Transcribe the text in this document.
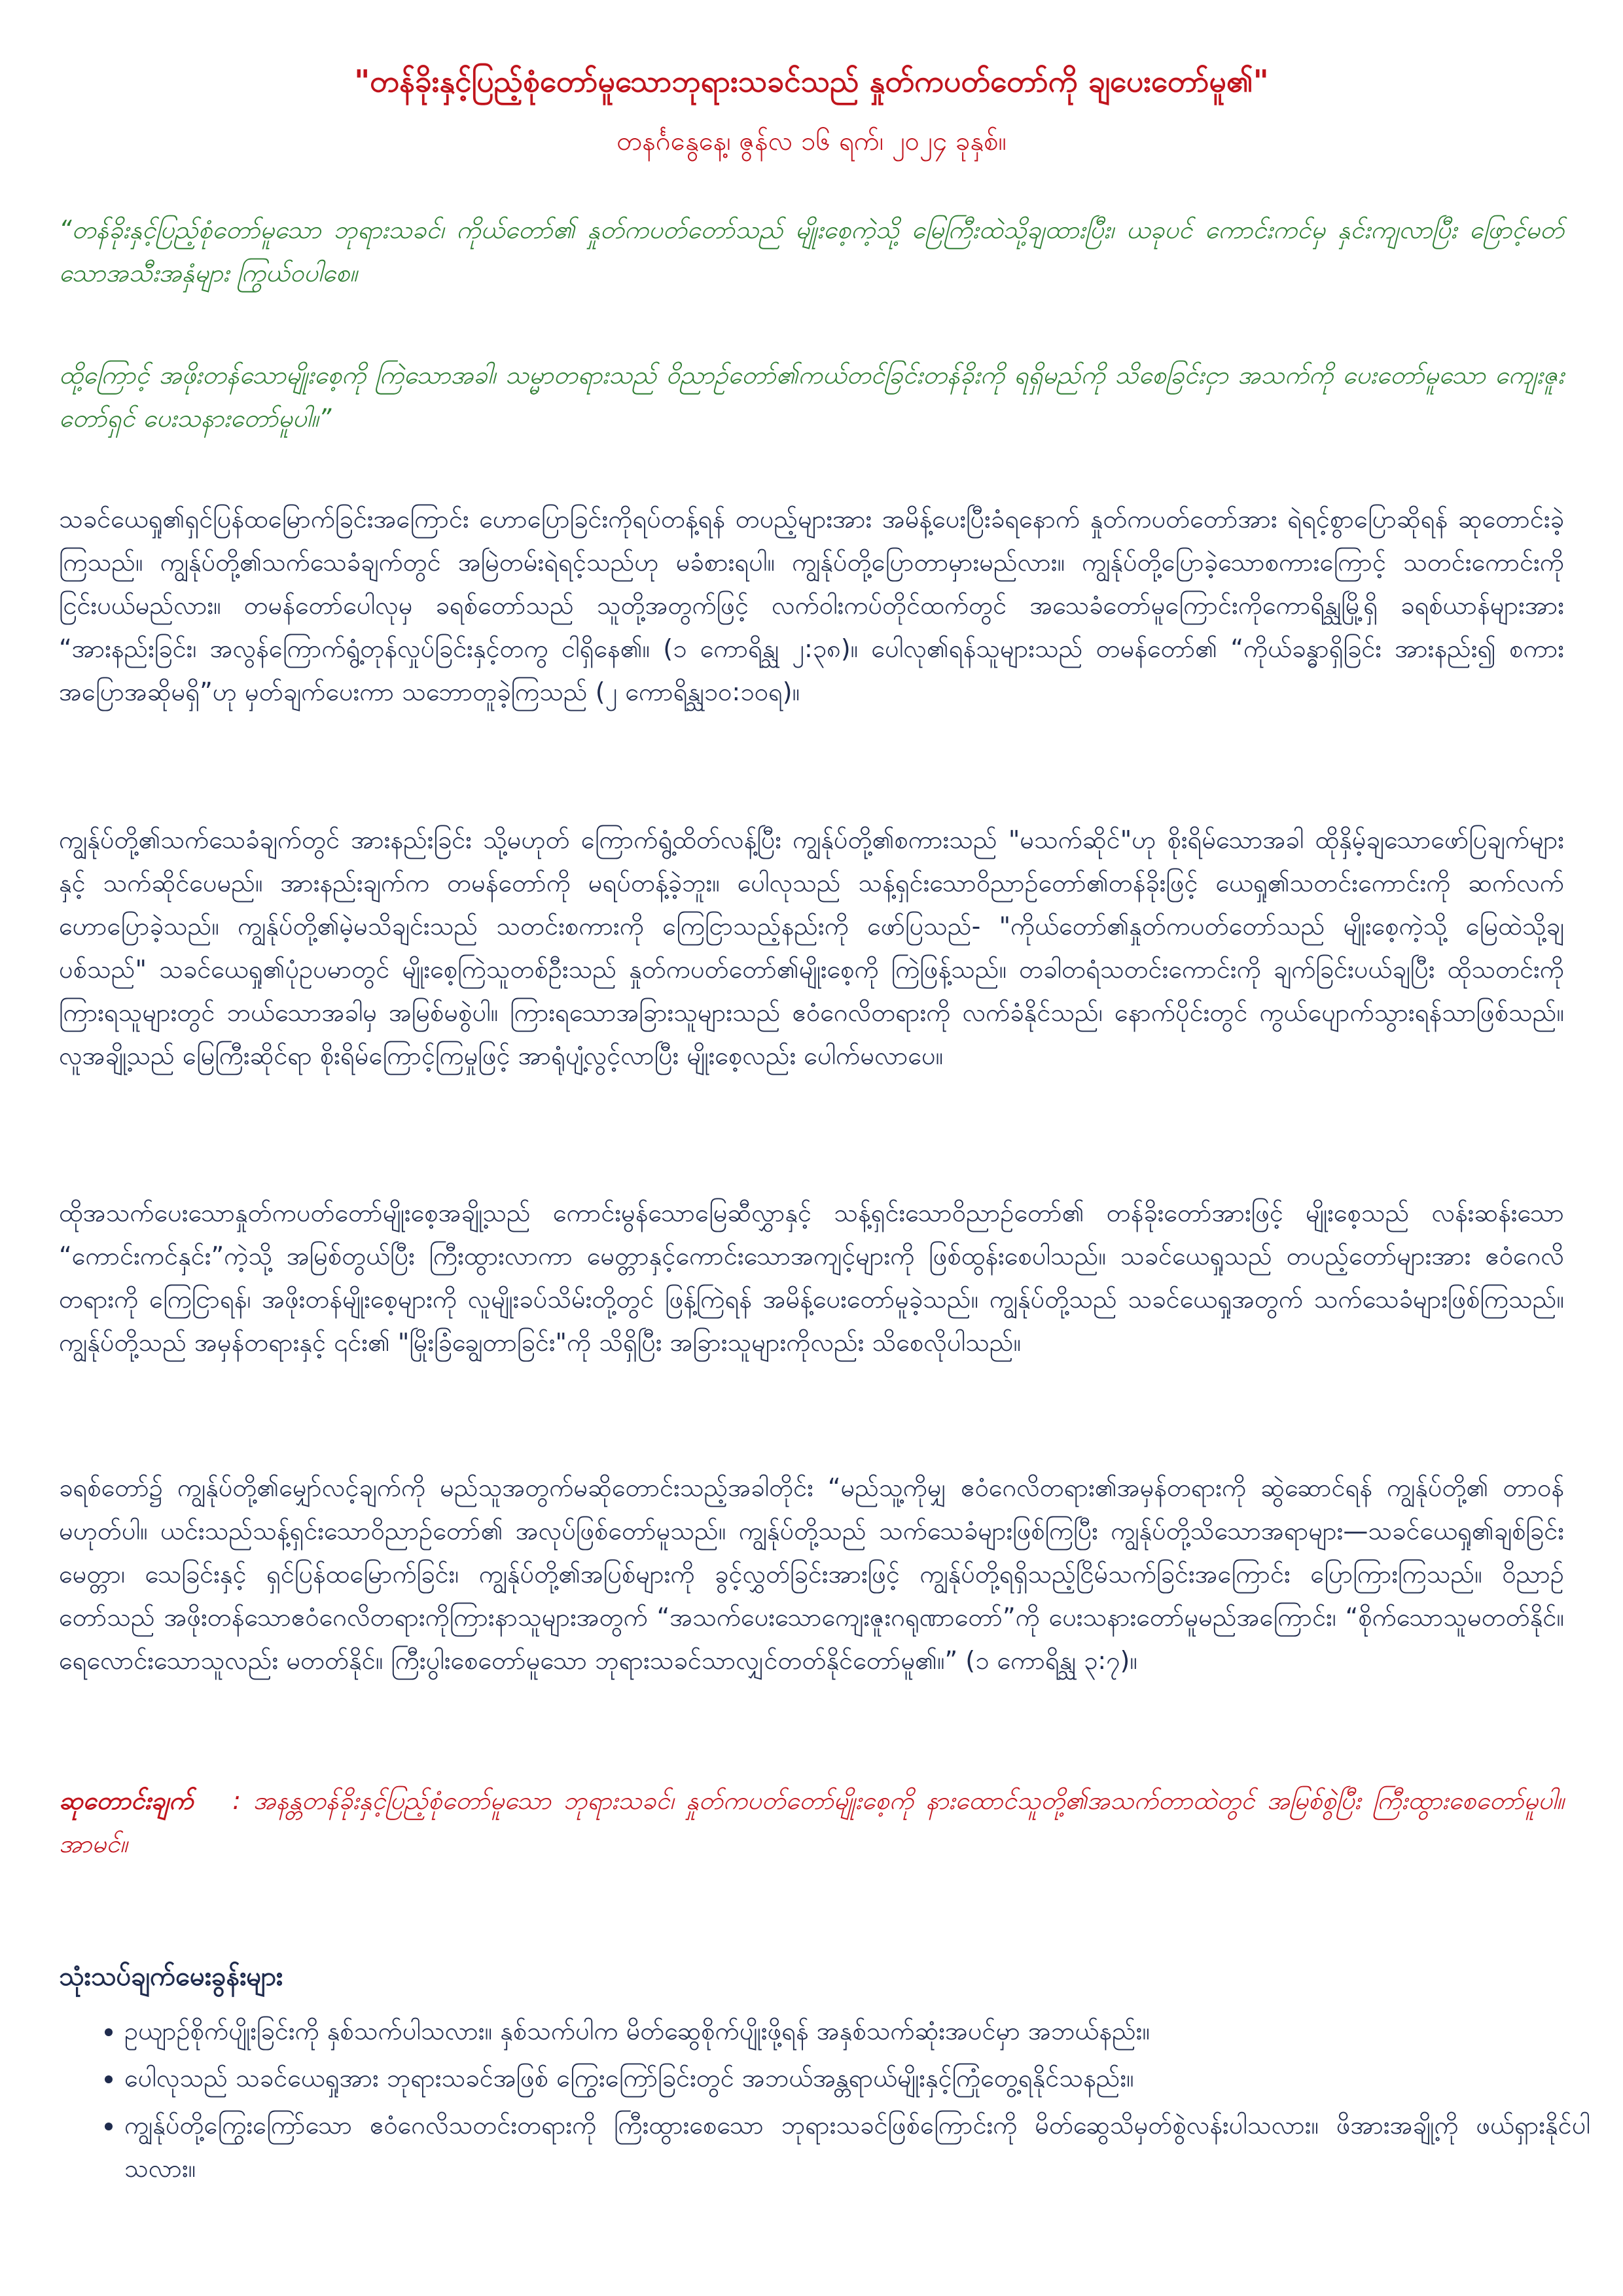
"တန်ခိုးနှင့်ပြည့်စုံတော်မူသောဘုရားသခင်သည် နှုတ်ကပတ်တော်ကို ချပေးတော်မူ၏"
တနင်္ဂနွေနေ့၊ ဇွန်လ ၁၆ ရက်၊ ၂၀၂၄ ခုနှစ်။
“တန်ခိုးနှင့်ပြည့်စုံတော်မူသော ဘုရားသခင်၊ ကိုယ်တော်၏ နှုတ်ကပတ်တော်သည် မျိုးစေ့ကဲ့သို့ မြေကြီးထဲသို့ချထားပြီး၊ ယခုပင် ကောင်းကင်မှ နှင်းကျလာပြီး ဖြောင့်မတ်သောအသီးအနှံများ ကြွယ်ဝပါစေ။
ထို့ကြောင့် အဖိုးတန်သောမျိုးစေ့ကို ကြဲသောအခါ၊ သမ္မာတရားသည် ဝိညာဉ်တော်၏ကယ်တင်ခြင်းတန်ခိုးကို ရရှိမည်ကို သိစေခြင်းငှာ အသက်ကို ပေးတော်မူသော ကျေးဇူးတော်ရှင် ပေးသနားတော်မူပါ။”
သခင်ယေရှု၏ရှင်ပြန်ထမြောက်ခြင်းအကြောင်း ဟောပြောခြင်းကိုရပ်တန့်ရန် တပည့်များအား အမိန့်ပေးပြီးခံရနောက် နှုတ်ကပတ်တော်အား ရဲရင့်စွာပြောဆိုရန် ဆုတောင်းခဲ့ကြသည်။ ကျွန်ုပ်တို့၏သက်သေခံချက်တွင် အမြဲတမ်းရဲရင့်သည်ဟု မခံစားရပါ။ ကျွန်ုပ်တို့ပြောတာမှားမည်လား။ ကျွန်ုပ်တို့ပြောခဲ့သောစကားကြောင့် သတင်းကောင်းကို ငြင်းပယ်မည်လား။ တမန်တော်ပေါလုမှ ခရစ်တော်သည် သူတို့အတွက်ဖြင့် လက်ဝါးကပ်တိုင်ထက်တွင် အသေခံတော်မူကြောင်းကိုကောရိန္သုမြို့ရှိ ခရစ်ယာန်များအား “အားနည်းခြင်း၊ အလွန်ကြောက်ရွံ့တုန်လှုပ်ခြင်းနှင့်တကွ ငါရှိနေ၏။ (၁ ကောရိန္သု ၂:၃၈)။ ပေါလု၏ရန်သူများသည် တမန်တော်၏ “ကိုယ်ခန္ဓာရှိခြင်း အားနည်း၍ စကားအပြောအဆိုမရှိ”ဟု မှတ်ချက်ပေးကာ သဘောတူခဲ့ကြသည် (၂ ကောရိန္သု၁၀:၁၀ရ)။
ကျွန်ုပ်တို့၏သက်သေခံချက်တွင် အားနည်းခြင်း သို့မဟုတ် ကြောက်ရွံ့ထိတ်လန့်ပြီး ကျွန်ုပ်တို့၏စကားသည် "မသက်ဆိုင်"ဟု စိုးရိမ်သောအခါ ထိုနှိမ့်ချသောဖော်ပြချက်များနှင့် သက်ဆိုင်ပေမည်။ အားနည်းချက်က တမန်တော်ကို မရပ်တန့်ခဲ့ဘူး။ ပေါလုသည် သန့်ရှင်းသောဝိညာဉ်တော်၏တန်ခိုးဖြင့် ယေရှု၏သတင်းကောင်းကို ဆက်လက်ဟောပြောခဲ့သည်။ ကျွန်ုပ်တို့၏မဲ့မသိချင်းသည် သတင်းစကားကို ကြေငြာသည့်နည်းကို ဖော်ပြသည်- "ကိုယ်တော်၏နှုတ်ကပတ်တော်သည် မျိုးစေ့ကဲ့သို့ မြေထဲသို့ချပစ်သည်" သခင်ယေရှု၏ပုံဥပမာတွင် မျိုးစေ့ကြဲသူတစ်ဦးသည် နှုတ်ကပတ်တော်၏မျိုးစေ့ကို ကြဲဖြန့်သည်။ တခါတရံသတင်းကောင်းကို ချက်ခြင်းပယ်ချပြီး ထိုသတင်းကိုကြားရသူများတွင် ဘယ်သောအခါမှ အမြစ်မစွဲပါ။ ကြားရသောအခြားသူများသည် ဧဝံဂေလိတရားကို လက်ခံနိုင်သည်၊ နောက်ပိုင်းတွင် ကွယ်ပျောက်သွားရန်သာဖြစ်သည်။ လူအချို့သည် မြေကြီးဆိုင်ရာ စိုးရိမ်ကြောင့်ကြမှုဖြင့် အာရုံပျံ့လွင့်လာပြီး မျိုးစေ့လည်း ပေါက်မလာပေ။
ထိုအသက်ပေးသောနှုတ်ကပတ်တော်မျိုးစေ့အချို့သည် ကောင်းမွန်သောမြေဆီလွှာနှင့် သန့်ရှင်းသောဝိညာဉ်တော်၏ တန်ခိုးတော်အားဖြင့် မျိုးစေ့သည် လန်းဆန်းသော “ကောင်းကင်နှင်း”ကဲ့သို့ အမြစ်တွယ်ပြီး ကြီးထွားလာကာ မေတ္တာနှင့်ကောင်းသောအကျင့်များကို ဖြစ်ထွန်းစေပါသည်။ သခင်ယေရှုသည် တပည့်တော်များအား ဧဝံဂေလိတရားကို ကြေငြာရန်၊ အဖိုးတန်မျိုးစေ့များကို လူမျိုးခပ်သိမ်းတို့တွင် ဖြန့်ကြဲရန် အမိန့်ပေးတော်မူခဲ့သည်။ ကျွန်ုပ်တို့သည် သခင်ယေရှုအတွက် သက်သေခံများဖြစ်ကြသည်။ ကျွန်ုပ်တို့သည် အမှန်တရားနှင့် ၎င်း၏ "မြိုးခြံချွေတာခြင်း"ကို သိရှိပြီး အခြားသူများကိုလည်း သိစေလိုပါသည်။
ခရစ်တော်၌ ကျွန်ုပ်တို့၏မျှော်လင့်ချက်ကို မည်သူအတွက်မဆိုတောင်းသည့်အခါတိုင်း “မည်သူ့ကိုမျှ ဧဝံဂေလိတရား၏အမှန်တရားကို ဆွဲဆောင်ရန် ကျွန်ုပ်တို့၏ တာဝန်မဟုတ်ပါ။ ယင်းသည်သန့်ရှင်းသောဝိညာဉ်တော်၏ အလုပ်ဖြစ်တော်မူသည်။ ကျွန်ုပ်တို့သည် သက်သေခံများဖြစ်ကြပြီး ကျွန်ုပ်တို့သိသောအရာများ—သခင်ယေရှု၏ချစ်ခြင်းမေတ္တာ၊ သေခြင်းနှင့် ရှင်ပြန်ထမြောက်ခြင်း၊ ကျွန်ုပ်တို့၏အပြစ်များကို ခွင့်လွှတ်ခြင်းအားဖြင့် ကျွန်ုပ်တို့ရရှိသည့်ငြိမ်သက်ခြင်းအကြောင်း ပြောကြားကြသည်။ ဝိညာဉ်တော်သည် အဖိုးတန်သောဧဝံဂေလိတရားကိုကြားနာသူများအတွက် “အသက်ပေးသောကျေးဇူးဂရုဏာတော်”ကို ပေးသနားတော်မူမည်အကြောင်း၊ “စိုက်သောသူမတတ်နိုင်။ ရေလောင်းသောသူလည်း မတတ်နိုင်။ ကြီးပွါးစေတော်မူသော ဘုရားသခင်သာလျှင်တတ်နိုင်တော်မူ၏။” (၁ ကောရိန္သု ၃:၇)။
ဆုတောင်းချက် : အနန္တတန်ခိုးနှင့်ပြည့်စုံတော်မူသော ဘုရားသခင်၊ နှုတ်ကပတ်တော်မျိုးစေ့ကို နားထောင်သူတို့၏အသက်တာထဲတွင် အမြစ်စွဲပြီး ကြီးထွားစေတော်မူပါ။ အာမင်။
သုံးသပ်ချက်မေးခွန်းများ
• ဥယျာဉ်စိုက်ပျိုးခြင်းကို နှစ်သက်ပါသလား။ နှစ်သက်ပါက မိတ်ဆွေစိုက်ပျိုးဖို့ရန် အနှစ်သက်ဆုံးအပင်မှာ အဘယ်နည်း။
• ပေါလုသည် သခင်ယေရှုအား ဘုရားသခင်အဖြစ် ကြွေးကြော်ခြင်းတွင် အဘယ်အန္တရာယ်မျိုးနှင့်ကြုံတွေ့ရနိုင်သနည်း။
• ကျွန်ုပ်တို့ကြွေးကြော်သော ဧဝံဂေလိသတင်းတရားကို ကြီးထွားစေသော ဘုရားသခင်ဖြစ်ကြောင်းကို မိတ်ဆွေသိမှတ်စွဲလန်းပါသလား။ ဖိအားအချို့ကို ဖယ်ရှားနိုင်ပါသလား။
